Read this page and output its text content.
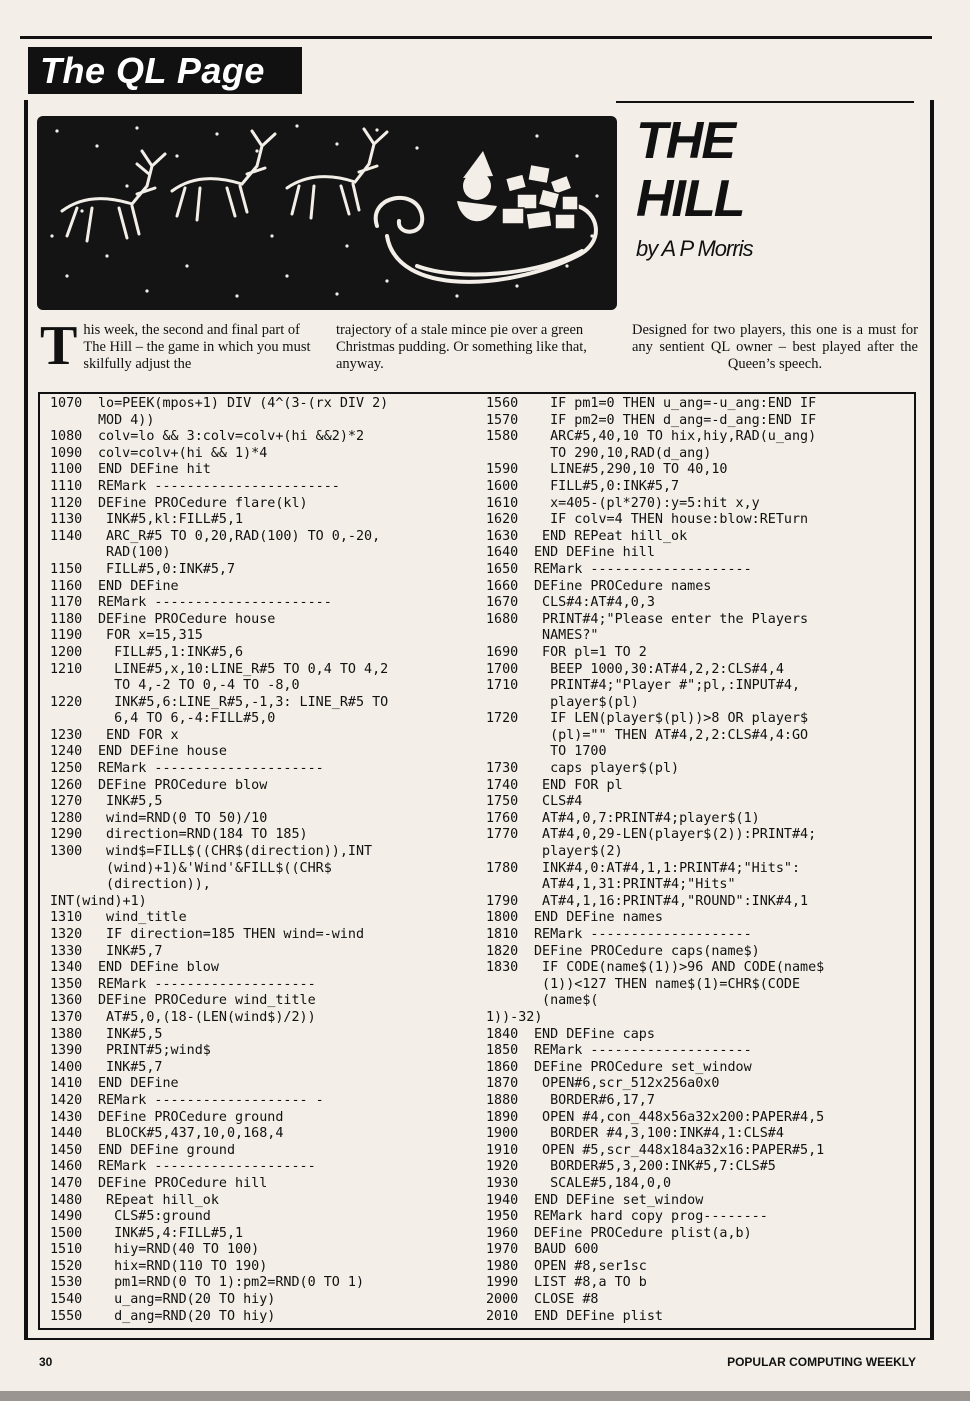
The QL Page
THE
HILL
by A P Morris
This week, the second and final part of The Hill – the game in which you must skilfully adjust the
trajectory of a stale mince pie over a green Christmas pudding. Or something like that, anyway.
Designed for two players, this one is a must for any sentient QL owner – best played after the Queen’s speech.
1070 lo=PEEK(mpos+1) DIV (4^(3-(rx DIV 2)
MOD 4))
1080 colv=lo && 3:colv=colv+(hi &&2)*2
1090 colv=colv+(hi && 1)*4
1100 END DEFine hit
1110 REMark -----------------------
1120 DEFine PROCedure flare(kl)
1130 INK#5,kl:FILL#5,1
1140 ARC_R#5 TO 0,20,RAD(100) TO 0,-20,
RAD(100)
1150 FILL#5,0:INK#5,7
1160 END DEFine
1170 REMark ----------------------
1180 DEFine PROCedure house
1190 FOR x=15,315
1200  FILL#5,1:INK#5,6
1210  LINE#5,x,10:LINE_R#5 TO 0,4 TO 4,2
TO 4,-2 TO 0,-4 TO -8,0
1220  INK#5,6:LINE_R#5,-1,3: LINE_R#5 TO
6,4 TO 6,-4:FILL#5,0
1230 END FOR x
1240 END DEFine house
1250 REMark ---------------------
1260 DEFine PROCedure blow
1270 INK#5,5
1280 wind=RND(0 TO 50)/10
1290 direction=RND(184 TO 185)
1300 wind$=FILL$((CHR$(direction)),INT
(wind)+1)&'Wind'&FILL$((CHR$
(direction)),
INT(wind)+1)
1310 wind_title
1320 IF direction=185 THEN wind=-wind
1330 INK#5,7
1340 END DEFine blow
1350 REMark --------------------
1360 DEFine PROCedure wind_title
1370 AT#5,0,(18-(LEN(wind$)/2))
1380 INK#5,5
1390 PRINT#5;wind$
1400 INK#5,7
1410 END DEFine
1420 REMark ------------------- -
1430 DEFine PROCedure ground
1440 BLOCK#5,437,10,0,168,4
1450 END DEFine ground
1460 REMark --------------------
1470 DEFine PROCedure hill
1480 REpeat hill_ok
1490  CLS#5:ground
1500  INK#5,4:FILL#5,1
1510  hiy=RND(40 TO 100)
1520  hix=RND(110 TO 190)
1530  pm1=RND(0 TO 1):pm2=RND(0 TO 1)
1540  u_ang=RND(20 TO hiy)
1550  d_ang=RND(20 TO hiy)
1560  IF pm1=0 THEN u_ang=-u_ang:END IF
1570  IF pm2=0 THEN d_ang=-d_ang:END IF
1580  ARC#5,40,10 TO hix,hiy,RAD(u_ang)
TO 290,10,RAD(d_ang)
1590  LINE#5,290,10 TO 40,10
1600  FILL#5,0:INK#5,7
1610  x=405-(pl*270):y=5:hit x,y
1620  IF colv=4 THEN house:blow:RETurn
1630 END REPeat hill_ok
1640 END DEFine hill
1650 REMark --------------------
1660 DEFine PROCedure names
1670 CLS#4:AT#4,0,3
1680 PRINT#4;"Please enter the Players
NAMES?"
1690 FOR pl=1 TO 2
1700  BEEP 1000,30:AT#4,2,2:CLS#4,4
1710  PRINT#4;"Player #";pl,:INPUT#4,
player$(pl)
1720  IF LEN(player$(pl))>8 OR player$
(pl)="" THEN AT#4,2,2:CLS#4,4:GO
TO 1700
1730  caps player$(pl)
1740 END FOR pl
1750 CLS#4
1760 AT#4,0,7:PRINT#4;player$(1)
1770 AT#4,0,29-LEN(player$(2)):PRINT#4;
player$(2)
1780 INK#4,0:AT#4,1,1:PRINT#4;"Hits":
AT#4,1,31:PRINT#4;"Hits"
1790 AT#4,1,16:PRINT#4,"ROUND":INK#4,1
1800 END DEFine names
1810 REMark --------------------
1820 DEFine PROCedure caps(name$)
1830 IF CODE(name$(1))>96 AND CODE(name$
(1))<127 THEN name$(1)=CHR$(CODE
(name$(
1))-32)
1840 END DEFine caps
1850 REMark --------------------
1860 DEFine PROCedure set_window
1870 OPEN#6,scr_512x256a0x0
1880  BORDER#6,17,7
1890 OPEN #4,con_448x56a32x200:PAPER#4,5
1900  BORDER #4,3,100:INK#4,1:CLS#4
1910 OPEN #5,scr_448x184a32x16:PAPER#5,1
1920  BORDER#5,3,200:INK#5,7:CLS#5
1930  SCALE#5,184,0,0
1940 END DEFine set_window
1950 REMark hard copy prog--------
1960 DEFine PROCedure plist(a,b)
1970 BAUD 600
1980 OPEN #8,ser1sc
1990 LIST #8,a TO b
2000 CLOSE #8
2010 END DEFine plist
30	POPULAR COMPUTING WEEKLY
